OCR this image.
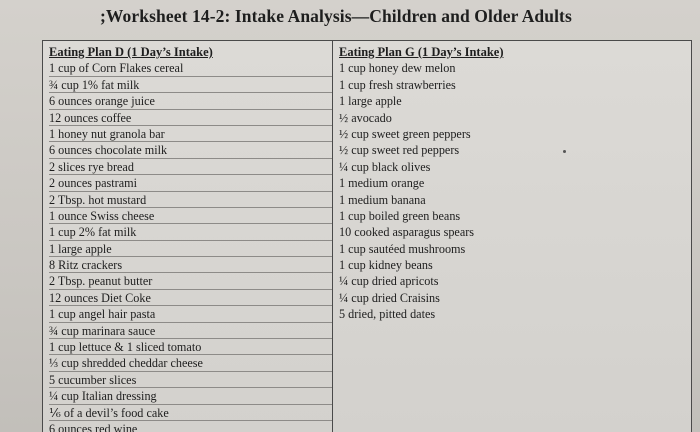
;Worksheet 14-2: Intake Analysis—Children and Older Adults
Eating Plan D (1 Day’s Intake)
1 cup of Corn Flakes cereal
¾ cup 1% fat milk
6 ounces orange juice
12 ounces coffee
1 honey nut granola bar
6 ounces chocolate milk
2 slices rye bread
2 ounces pastrami
2 Tbsp. hot mustard
1 ounce Swiss cheese
1 cup 2% fat milk
1 large apple
8 Ritz crackers
2 Tbsp. peanut butter
12 ounces Diet Coke
1 cup angel hair pasta
¾ cup marinara sauce
1 cup lettuce & 1 sliced tomato
⅓ cup shredded cheddar cheese
5 cucumber slices
¼ cup Italian dressing
⅙ of a devil’s food cake
6 ounces red wine
Eating Plan G (1 Day’s Intake)
1 cup honey dew melon
1 cup fresh strawberries
1 large apple
½ avocado
½ cup sweet green peppers
½ cup sweet red peppers
¼ cup black olives
1 medium orange
1 medium banana
1 cup boiled green beans
10 cooked asparagus spears
1 cup sautéed mushrooms
1 cup kidney beans
¼ cup dried apricots
¼ cup dried Craisins
5 dried, pitted dates
